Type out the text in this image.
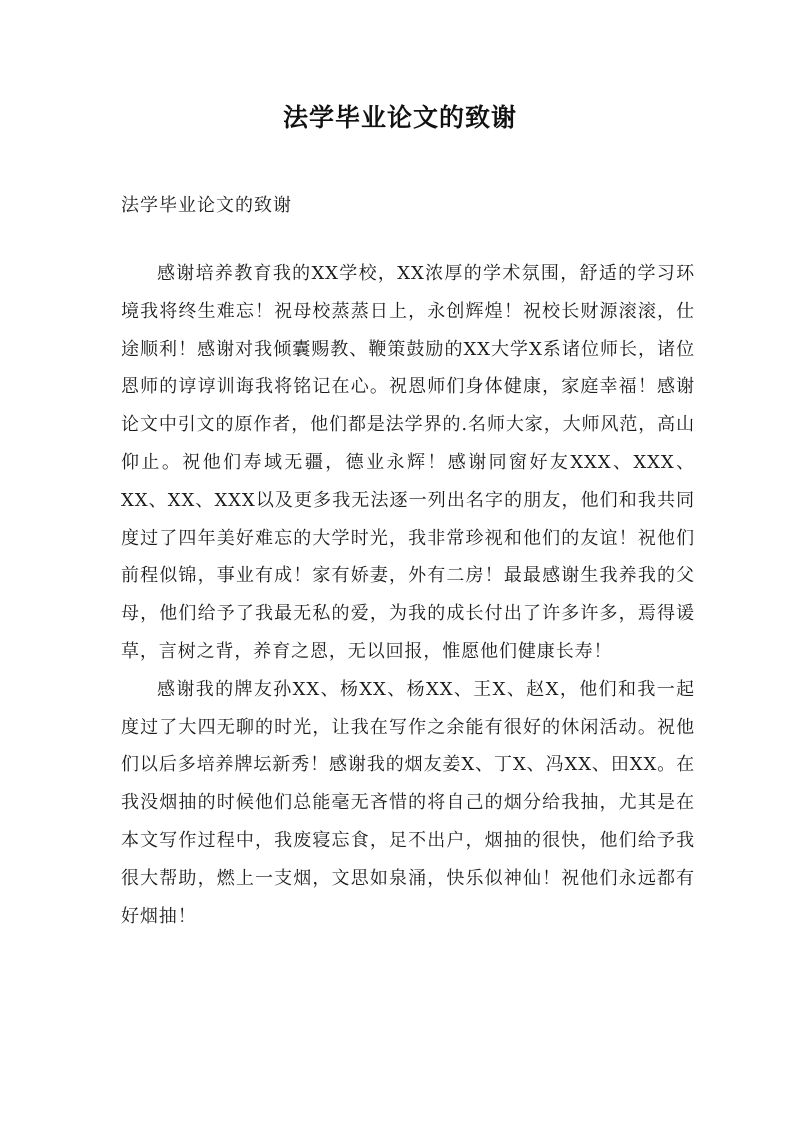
法学毕业论文的致谢
法学毕业论文的致谢

感谢培养教育我的XX学校，XX浓厚的学术氛围，舒适的学习环境我将终生难忘！祝母校蒸蒸日上，永创辉煌！祝校长财源滚滚，仕途顺利！感谢对我倾囊赐教、鞭策鼓励的XX大学X系诸位师长，诸位恩师的谆谆训诲我将铭记在心。祝恩师们身体健康，家庭幸福！感谢论文中引文的原作者，他们都是法学界的.名师大家，大师风范，高山仰止。祝他们寿域无疆，德业永辉！感谢同窗好友XXX、XXX、XX、XX、XXX以及更多我无法逐一列出名字的朋友，他们和我共同度过了四年美好难忘的大学时光，我非常珍视和他们的友谊！祝他们前程似锦，事业有成！家有娇妻，外有二房！最最感谢生我养我的父母，他们给予了我最无私的爱，为我的成长付出了许多许多，焉得谖草，言树之背，养育之恩，无以回报，惟愿他们健康长寿！

感谢我的牌友孙XX、杨XX、杨XX、王X、赵X，他们和我一起度过了大四无聊的时光，让我在写作之余能有很好的休闲活动。祝他们以后多培养牌坛新秀！感谢我的烟友姜X、丁X、冯XX、田XX。在我没烟抽的时候他们总能毫无吝惜的将自己的烟分给我抽，尤其是在本文写作过程中，我废寝忘食，足不出户，烟抽的很快，他们给予我很大帮助，燃上一支烟，文思如泉涌，快乐似神仙！祝他们永远都有好烟抽！
